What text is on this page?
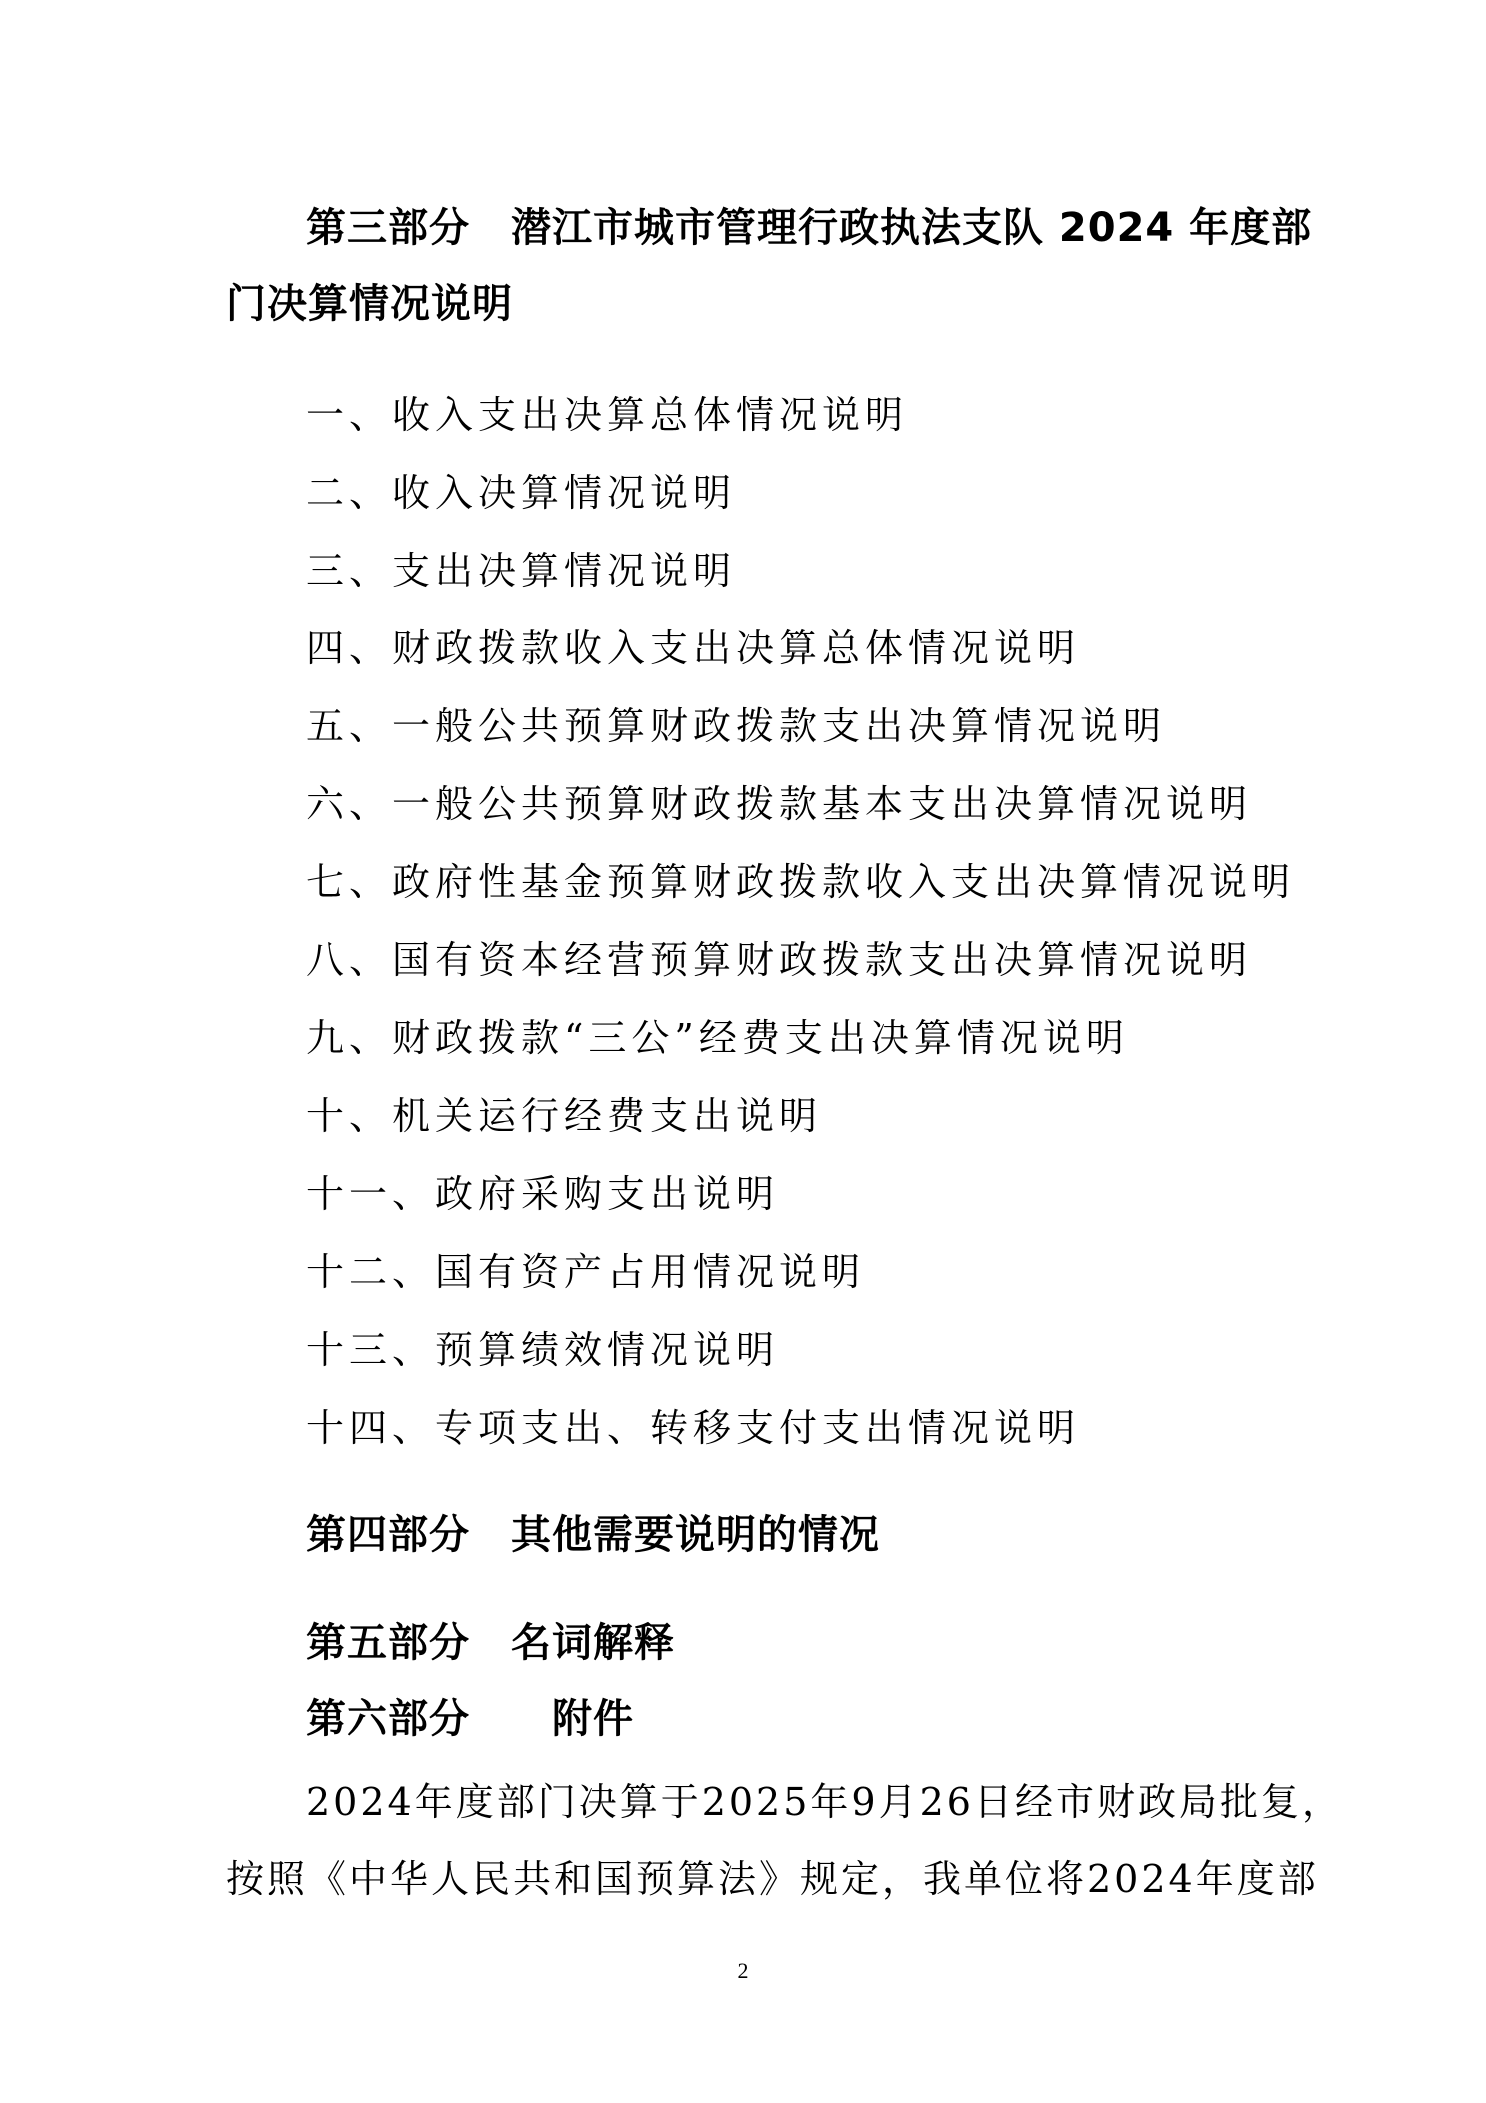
第三部分　潜江市城市管理行政执法支队 2024 年度部
门决算情况说明
一、收入支出决算总体情况说明
二、收入决算情况说明
三、支出决算情况说明
四、财政拨款收入支出决算总体情况说明
五、一般公共预算财政拨款支出决算情况说明
六、一般公共预算财政拨款基本支出决算情况说明
七、政府性基金预算财政拨款收入支出决算情况说明
八、国有资本经营预算财政拨款支出决算情况说明
九、财政拨款“三公”经费支出决算情况说明
十、机关运行经费支出说明
十一、政府采购支出说明
十二、国有资产占用情况说明
十三、预算绩效情况说明
十四、专项支出、转移支付支出情况说明
第四部分　其他需要说明的情况
第五部分　名词解释
第六部分　　附件
2024年度部门决算于2025年9月26日经市财政局批复，
按照《中华人民共和国预算法》规定，我单位将2024年度部
2
